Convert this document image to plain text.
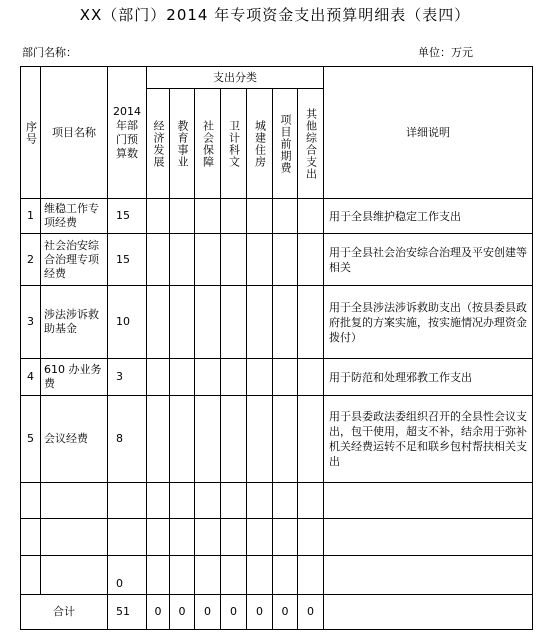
XX（部门）2014 年专项资金支出预算明细表（表四）
部门名称：	单位：万元
序号	项目名称	2014年部门预算数	支出分类							详细说明

			经济发展	教育事业	社会保障	卫计科文	城建住房	项目前期费	其他综合支出	

1	维稳工作专项经费	15								用于全县维护稳定工作支出
2	社会治安综合治理专项经费	15								用于全县社会治安综合治理及平安创建等相关
3	涉法涉诉救助基金	10								用于全县涉法涉诉救助支出（按县委县政府批复的方案实施，按实施情况办理资金拨付）
4	610 办业务费	3								用于防范和处理邪教工作支出
5	会议经费	8								用于县委政法委组织召开的全县性会议支出，包干使用，超支不补，结余用于弥补机关经费运转不足和联乡包村帮扶相关支出

		0								
合计		51	0	0	0	0	0	0	0	
